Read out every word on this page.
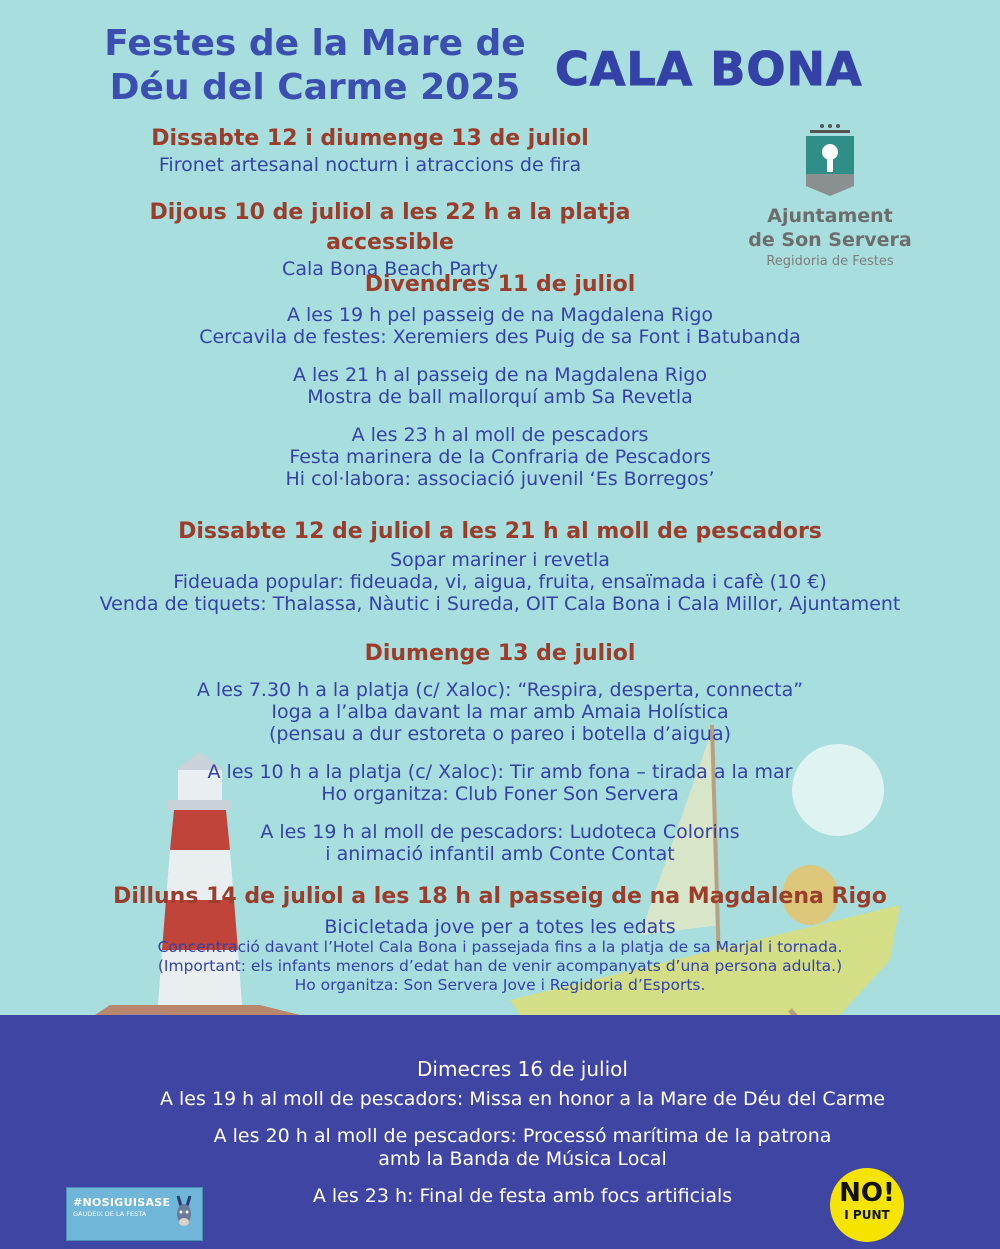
Festes de la Mare de
Déu del Carme 2025 CALA BONA
Ajuntament
de Son Servera
Regidoria de Festes
Dissabte 12 i diumenge 13 de juliol
Fironet artesanal nocturn i atraccions de fira
Dijous 10 de juliol a les 22 h a la platja accessible
Cala Bona Beach Party
Divendres 11 de juliol
A les 19 h pel passeig de na Magdalena Rigo
Cercavila de festes: Xeremiers des Puig de sa Font i Batubanda
A les 21 h al passeig de na Magdalena Rigo
Mostra de ball mallorquí amb Sa Revetla
A les 23 h al moll de pescadors
Festa marinera de la Confraria de Pescadors
Hi col·labora: associació juvenil ‘Es Borregos’
Dissabte 12 de juliol a les 21 h al moll de pescadors
Sopar mariner i revetla
Fideuada popular: fideuada, vi, aigua, fruita, ensaïmada i cafè (10 €)
Venda de tiquets: Thalassa, Nàutic i Sureda, OIT Cala Bona i Cala Millor, Ajuntament
Diumenge 13 de juliol
A les 7.30 h a la platja (c/ Xaloc): “Respira, desperta, connecta”
Ioga a l’alba davant la mar amb Amaia Holística
(pensau a dur estoreta o pareo i botella d’aigua)
A les 10 h a la platja (c/ Xaloc): Tir amb fona – tirada a la mar
Ho organitza: Club Foner Son Servera
A les 19 h al moll de pescadors: Ludoteca Colorins
i animació infantil amb Conte Contat
Dilluns 14 de juliol a les 18 h al passeig de na Magdalena Rigo
Bicicletada jove per a totes les edats
Concentració davant l’Hotel Cala Bona i passejada fins a la platja de sa Marjal i tornada.
(Important: els infants menors d’edat han de venir acompanyats d’una persona adulta.)
Ho organitza: Son Servera Jove i Regidoria d’Esports.
Dimecres 16 de juliol
A les 19 h al moll de pescadors: Missa en honor a la Mare de Déu del Carme
A les 20 h al moll de pescadors: Processó marítima de la patrona
amb la Banda de Música Local
A les 23 h: Final de festa amb focs artificials
#NOSIGUISASE
GAUDEIX DE LA FESTA
NO!
I PUNT
